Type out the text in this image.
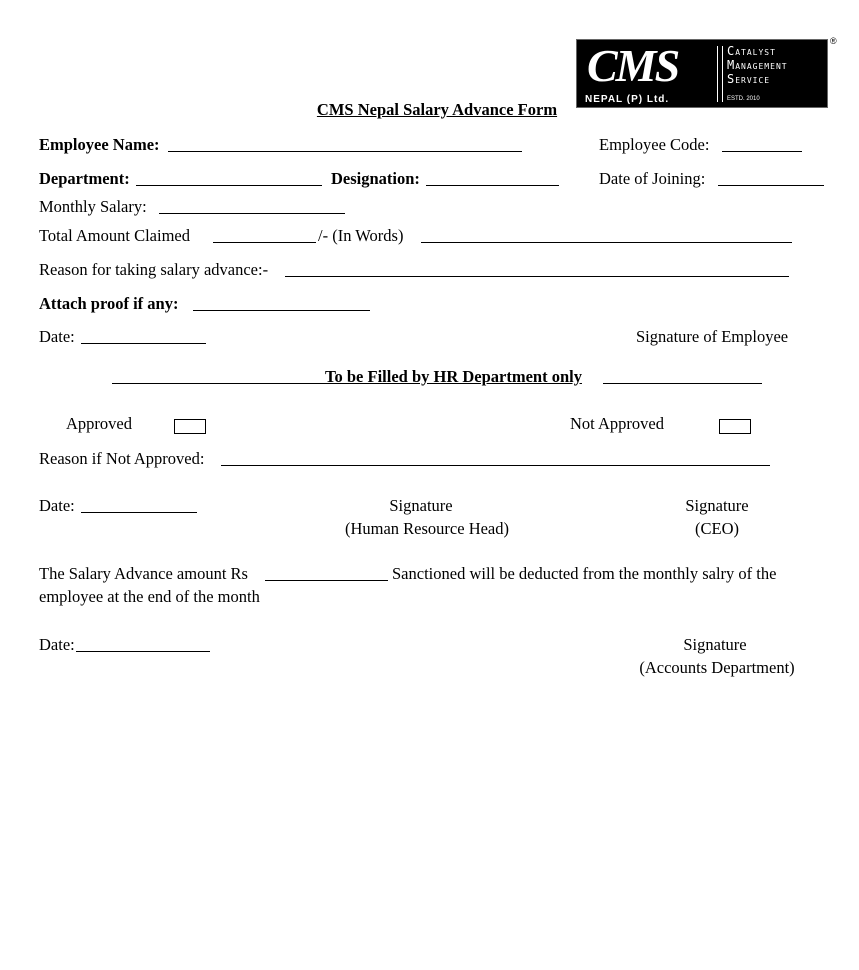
CMS
NEPAL (P) Ltd.
Catalyst
Management
Service
ESTD. 2010
®
CMS Nepal Salary Advance Form
Employee Name:	Employee Code:
Department:	Designation:	Date of Joining:
Monthly Salary:
Total Amount Claimed	/- (In Words)
Reason for taking salary advance:-
Attach proof if any:
Date:	Signature of Employee
To be Filled by HR Department only
Approved	Not Approved
Reason if Not Approved:
Date:	Signature
(Human Resource Head)
Signature
(CEO)
The Salary Advance amount Rs	Sanctioned will be deducted from the monthly salry of the
employee at the end of the month
Date:	Signature
(Accounts Department)
